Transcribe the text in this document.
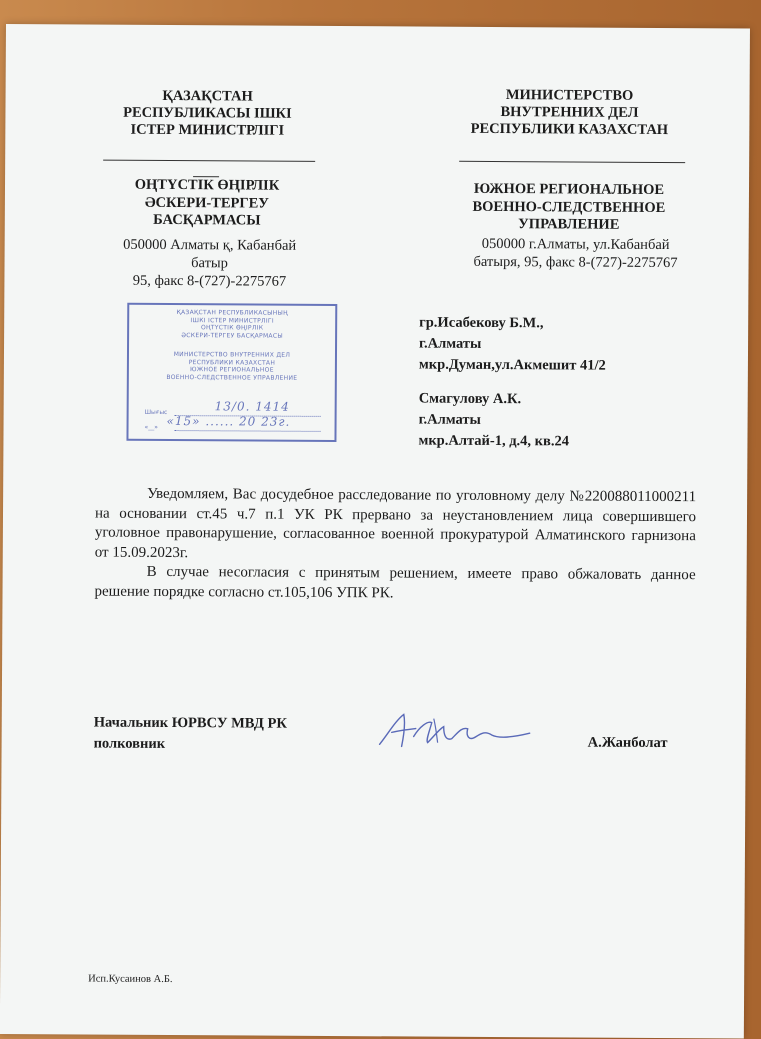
ҚАЗАҚСТАН
РЕСПУБЛИКАСЫ ІШКІ
ІСТЕР МИНИСТРЛІГІ
МИНИСТЕРСТВО
ВНУТРЕННИХ ДЕЛ
РЕСПУБЛИКИ КАЗАХСТАН
ОҢТҮСТІК ӨҢІРЛІК
ӘСКЕРИ-ТЕРГЕУ
БАСҚАРМАСЫ
ЮЖНОЕ РЕГИОНАЛЬНОЕ
ВОЕННО-СЛЕДСТВЕННОЕ
УПРАВЛЕНИЕ
050000 Алматы қ, Кабанбай
батыр
95, факс 8-(727)-2275767
050000 г.Алматы, ул.Кабанбай
батыря, 95, факс 8-(727)-2275767
ҚАЗАҚСТАН РЕСПУБЛИКАСЫНЫҢ
ІШКІ ІСТЕР МИНИСТРЛІГІ
ОҢТҮСТІК ӨҢІРЛІК
ӘСКЕРИ-ТЕРГЕУ БАСҚАРМАСЫ
МИНИСТЕРСТВО ВНУТРЕННИХ ДЕЛ
РЕСПУБЛИКИ КАЗАХСТАН
ЮЖНОЕ РЕГИОНАЛЬНОЕ
ВОЕННО-СЛЕДСТВЕННОЕ УПРАВЛЕНИЕ
Шығыс	13/0. 1414
«__» «15» ...... 20 23г.
гр.Исабекову Б.М.,
г.Алматы
мкр.Думан,ул.Акмешит 41/2
Смагулову А.К.
г.Алматы
мкр.Алтай-1, д.4, кв.24

Уведомляем, Вас досудебное расследование по уголовному делу №220088011000211 на основании ст.45 ч.7 п.1 УК РК прервано за неустановлением лица совершившего уголовное правонарушение, согласованное военной прокуратурой Алматинского гарнизона от 15.09.2023г.

В случае несогласия с принятым решением, имеете право обжаловать данное решение порядке согласно ст.105,106 УПК РК.

Начальник ЮРВСУ МВД РК
полковник	А.Жанболат
Исп.Кусаинов А.Б.
